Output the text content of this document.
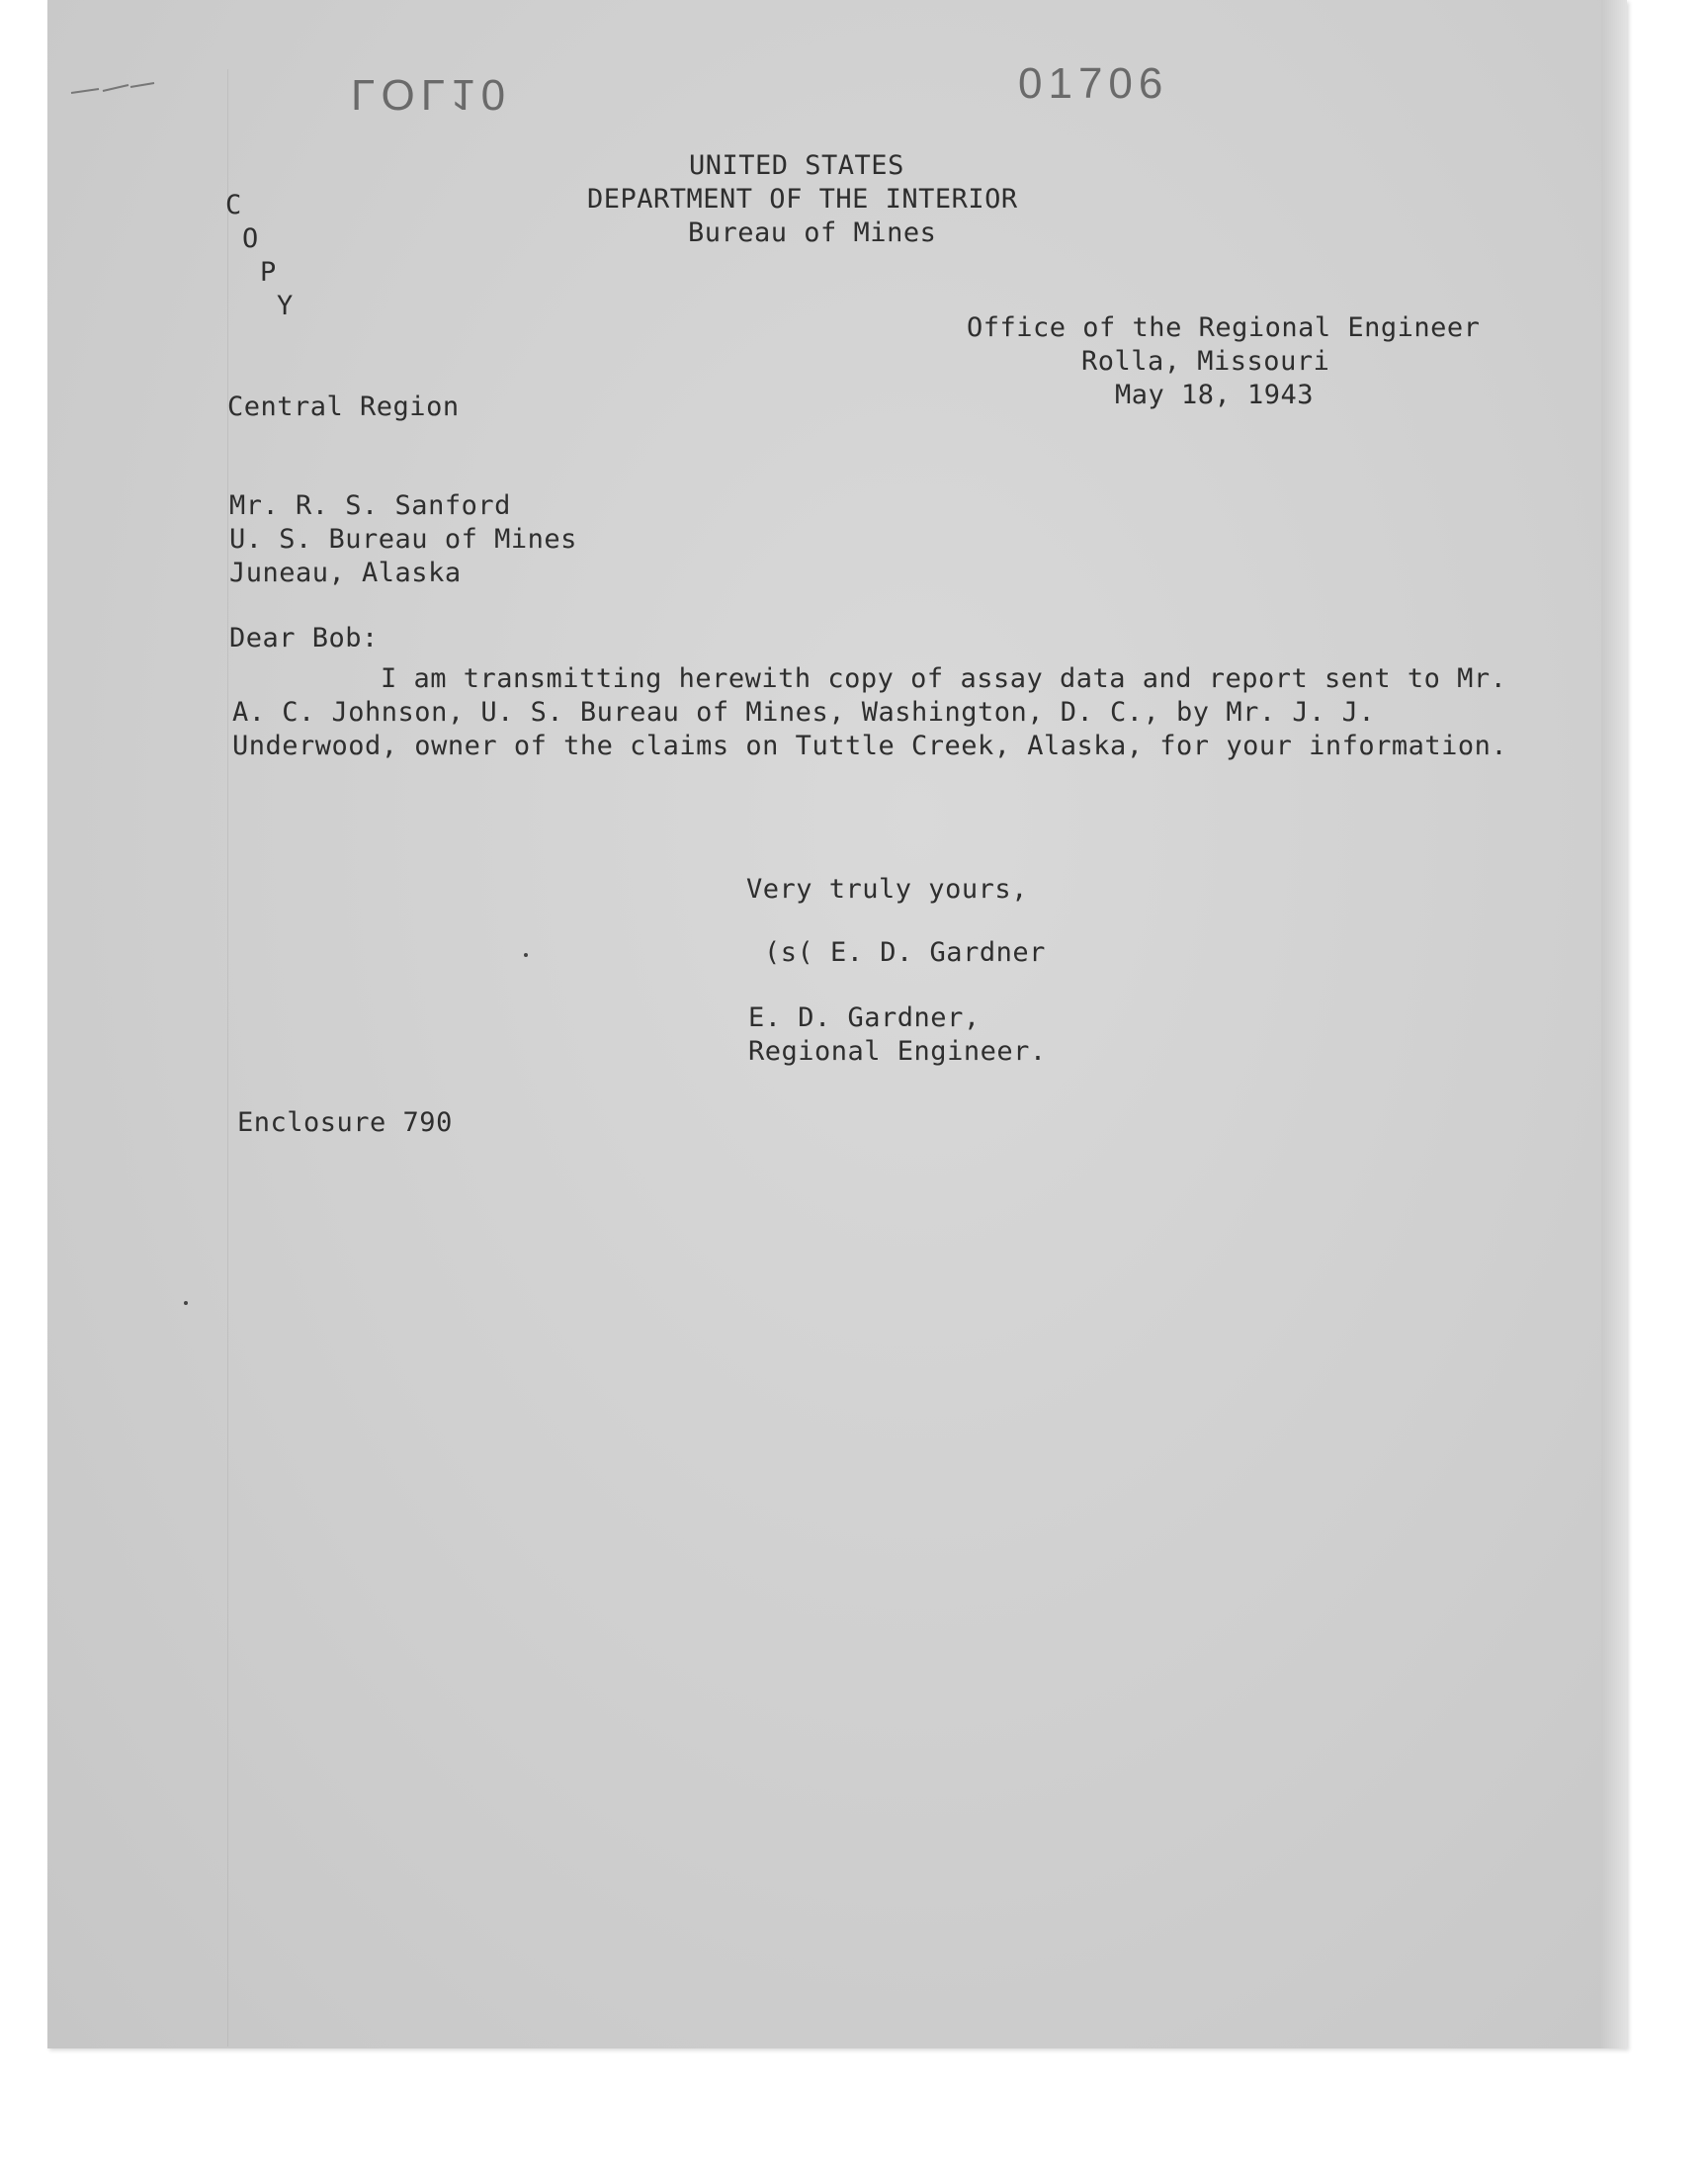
LOL10	01706
UNITED STATES
DEPARTMENT OF THE INTERIOR
Bureau of Mines
C
O
P
Y
Office of the Regional Engineer
Rolla, Missouri
May 18, 1943
Central Region
Mr. R. S. Sanford
U. S. Bureau of Mines
Juneau, Alaska
Dear Bob:

I am transmitting herewith copy of assay data and report sent to Mr. A. C. Johnson, U. S. Bureau of Mines, Washington, D. C., by Mr. J. J. Underwood, owner of the claims on Tuttle Creek, Alaska, for your information.

Very truly yours,
(s( E. D. Gardner
E. D. Gardner,
Regional Engineer.
Enclosure 790
